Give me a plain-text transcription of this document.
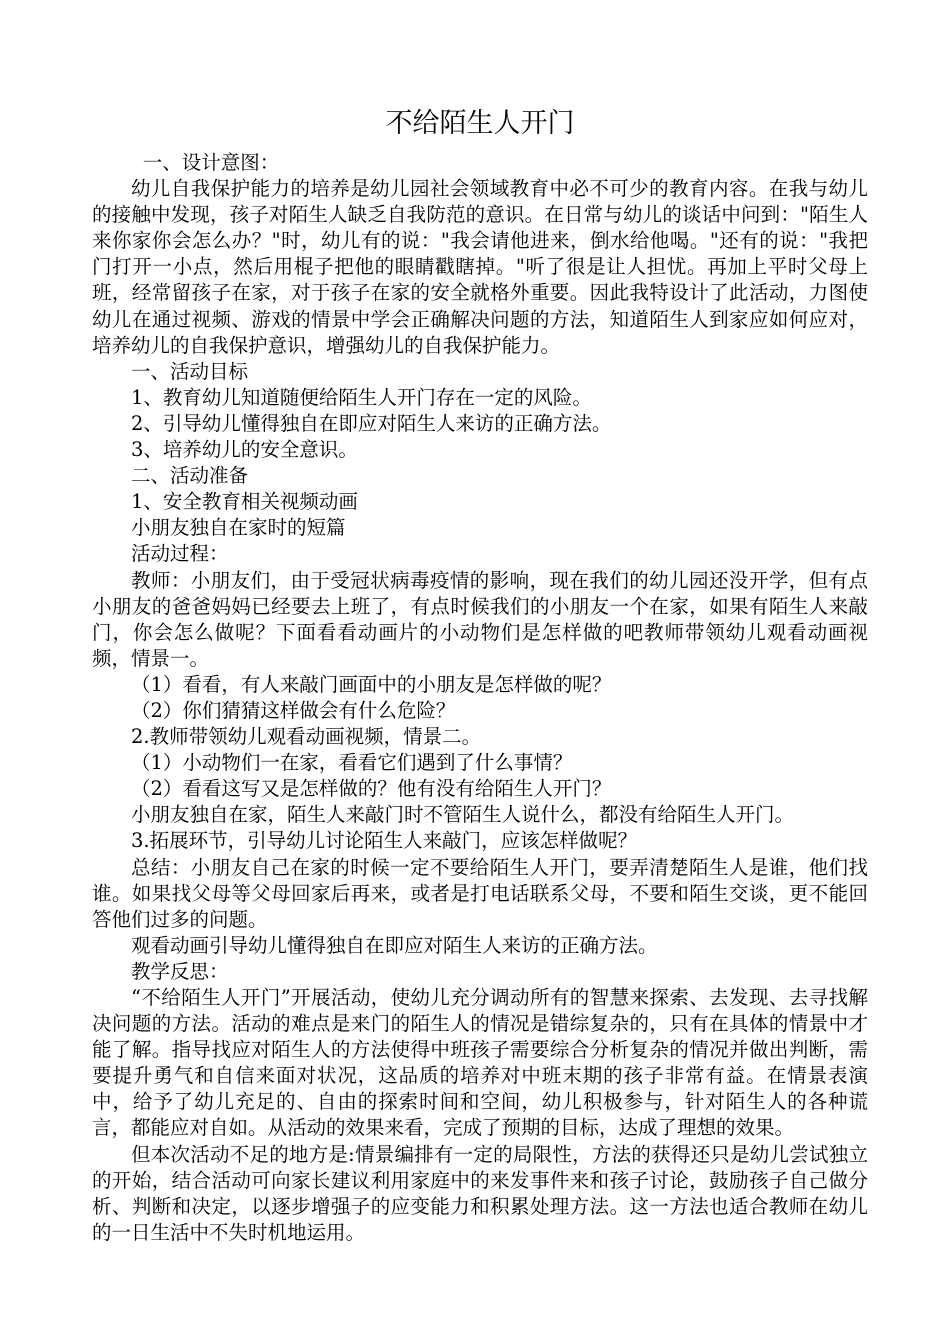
不给陌生人开门

一、设计意图：

幼儿自我保护能力的培养是幼儿园社会领域教育中必不可少的教育内容。在我与幼儿的接触中发现，孩子对陌生人缺乏自我防范的意识。在日常与幼儿的谈话中问到："陌生人来你家你会怎么办？"时，幼儿有的说："我会请他进来，倒水给他喝。"还有的说："我把门打开一小点，然后用棍子把他的眼睛戳瞎掉。"听了很是让人担忧。再加上平时父母上班，经常留孩子在家，对于孩子在家的安全就格外重要。因此我特设计了此活动，力图使幼儿在通过视频、游戏的情景中学会正确解决问题的方法，知道陌生人到家应如何应对，培养幼儿的自我保护意识，增强幼儿的自我保护能力。

一、活动目标

1、教育幼儿知道随便给陌生人开门存在一定的风险。

2、引导幼儿懂得独自在即应对陌生人来访的正确方法。

3、培养幼儿的安全意识。

二、活动准备

1、安全教育相关视频动画

小朋友独自在家时的短篇

活动过程：

教师：小朋友们，由于受冠状病毒疫情的影响，现在我们的幼儿园还没开学，但有点小朋友的爸爸妈妈已经要去上班了，有点时候我们的小朋友一个在家，如果有陌生人来敲门，你会怎么做呢？下面看看动画片的小动物们是怎样做的吧教师带领幼儿观看动画视频，情景一。

（1）看看，有人来敲门画面中的小朋友是怎样做的呢？

（2）你们猜猜这样做会有什么危险？

2.教师带领幼儿观看动画视频，情景二。

（1）小动物们一在家，看看它们遇到了什么事情？

（2）看看这写又是怎样做的？他有没有给陌生人开门？

小朋友独自在家，陌生人来敲门时不管陌生人说什么，都没有给陌生人开门。

3.拓展环节，引导幼儿讨论陌生人来敲门，应该怎样做呢？

总结：小朋友自己在家的时候一定不要给陌生人开门，要弄清楚陌生人是谁，他们找谁。如果找父母等父母回家后再来，或者是打电话联系父母，不要和陌生交谈，更不能回答他们过多的问题。

观看动画引导幼儿懂得独自在即应对陌生人来访的正确方法。

教学反思：

“不给陌生人开门”开展活动，使幼儿充分调动所有的智慧来探索、去发现、去寻找解决问题的方法。活动的难点是来门的陌生人的情况是错综复杂的，只有在具体的情景中才能了解。指导找应对陌生人的方法使得中班孩子需要综合分析复杂的情况并做出判断，需要提升勇气和自信来面对状况，这品质的培养对中班末期的孩子非常有益。在情景表演中，给予了幼儿充足的、自由的探索时间和空间，幼儿积极参与，针对陌生人的各种谎言，都能应对自如。从活动的效果来看，完成了预期的目标，达成了理想的效果。

但本次活动不足的地方是:情景编排有一定的局限性，方法的获得还只是幼儿尝试独立的开始，结合活动可向家长建议利用家庭中的来发事件来和孩子讨论，鼓励孩子自己做分析、判断和决定，以逐步增强子的应变能力和积累处理方法。这一方法也适合教师在幼儿的一日生活中不失时机地运用。
